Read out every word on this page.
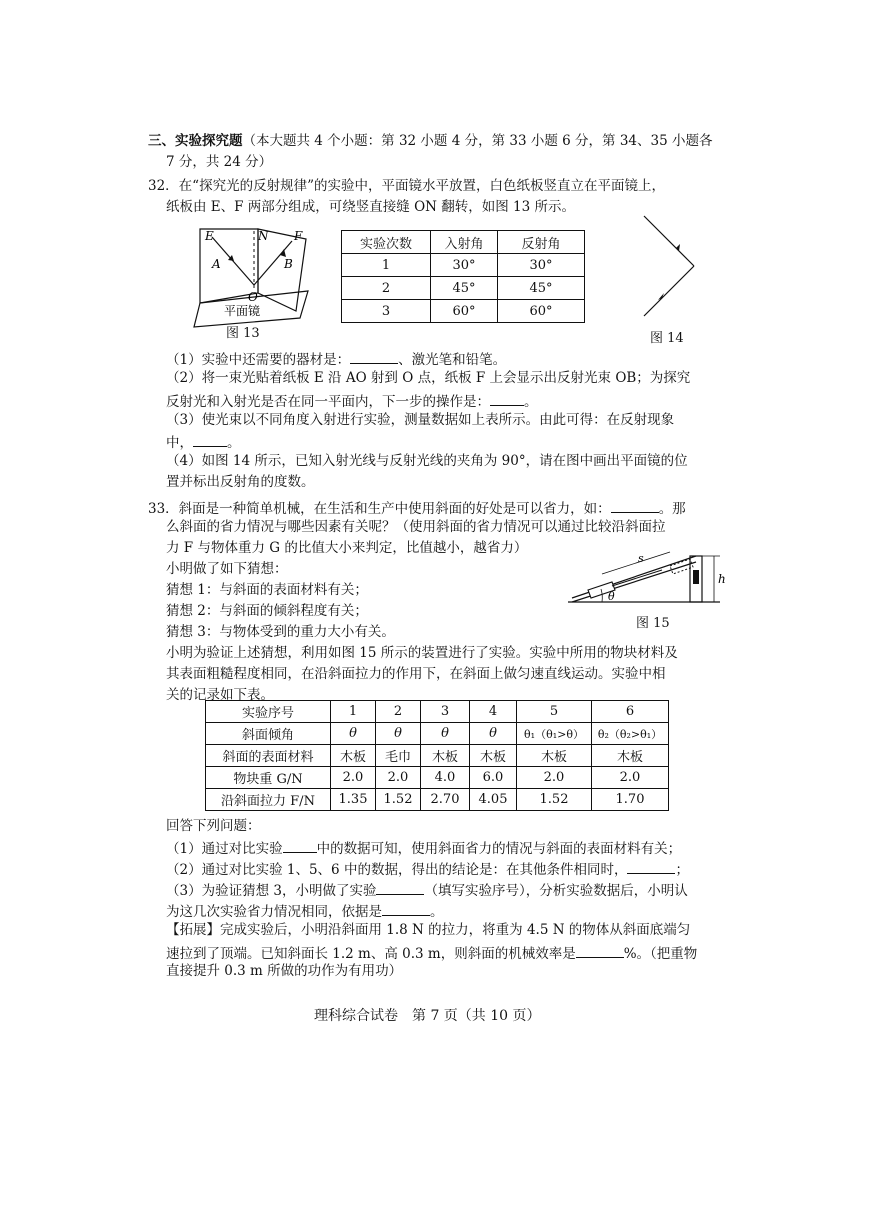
三、实验探究题（本大题共 4 个小题：第 32 小题 4 分，第 33 小题 6 分，第 34、35 小题各
7 分，共 24 分）
32．在“探究光的反射规律”的实验中，平面镜水平放置，白色纸板竖直立在平面镜上，
纸板由 E、F 两部分组成，可绕竖直接缝 ON 翻转，如图 13 所示。
E	N F
A	B
O
平面镜
图 13
实验次数	入射角	反射角
1	30°	30°
2	45°	45°
3	60°	60°
图 14
（1）实验中还需要的器材是：	、激光笔和铅笔。
（2）将一束光贴着纸板 E 沿 AO 射到 O 点，纸板 F 上会显示出反射光束 OB；为探究
反射光和入射光是否在同一平面内，下一步的操作是：	。
（3）使光束以不同角度入射进行实验，测量数据如上表所示。由此可得：在反射现象
中，	。
（4）如图 14 所示，已知入射光线与反射光线的夹角为 90°，请在图中画出平面镜的位
置并标出反射角的度数。
33．斜面是一种简单机械，在生活和生产中使用斜面的好处是可以省力，如：	。那
么斜面的省力情况与哪些因素有关呢？（使用斜面的省力情况可以通过比较沿斜面拉
力 F 与物体重力 G 的比值大小来判定，比值越小，越省力）
小明做了如下猜想：
猜想 1：与斜面的表面材料有关；
猜想 2：与斜面的倾斜程度有关；
猜想 3：与物体受到的重力大小有关。
s
h
θ
图 15
小明为验证上述猜想，利用如图 15 所示的装置进行了实验。实验中所用的物块材料及
其表面粗糙程度相同，在沿斜面拉力的作用下，在斜面上做匀速直线运动。实验中相
关的记录如下表。
实验序号	1	2	3	4	5	6
斜面倾角	θ	θ	θ	θ	θ₁（θ₁>θ）	θ₂（θ₂>θ₁）
斜面的表面材料	木板	毛巾	木板	木板	木板	木板
物块重 G/N	2.0	2.0	4.0	6.0	2.0	2.0
沿斜面拉力 F/N	1.35	1.52	2.70	4.05	1.52	1.70
回答下列问题：
（1）通过对比实验	中的数据可知，使用斜面省力的情况与斜面的表面材料有关；
（2）通过对比实验 1、5、6 中的数据，得出的结论是：在其他条件相同时，	；
（3）为验证猜想 3，小明做了实验	（填写实验序号），分析实验数据后，小明认
为这几次实验省力情况相同，依据是	。
【拓展】完成实验后，小明沿斜面用 1.8 N 的拉力，将重为 4.5 N 的物体从斜面底端匀
速拉到了顶端。已知斜面长 1.2 m、高 0.3 m，则斜面的机械效率是	%。（把重物
直接提升 0.3 m 所做的功作为有用功）
理科综合试卷　第 7 页（共 10 页）
